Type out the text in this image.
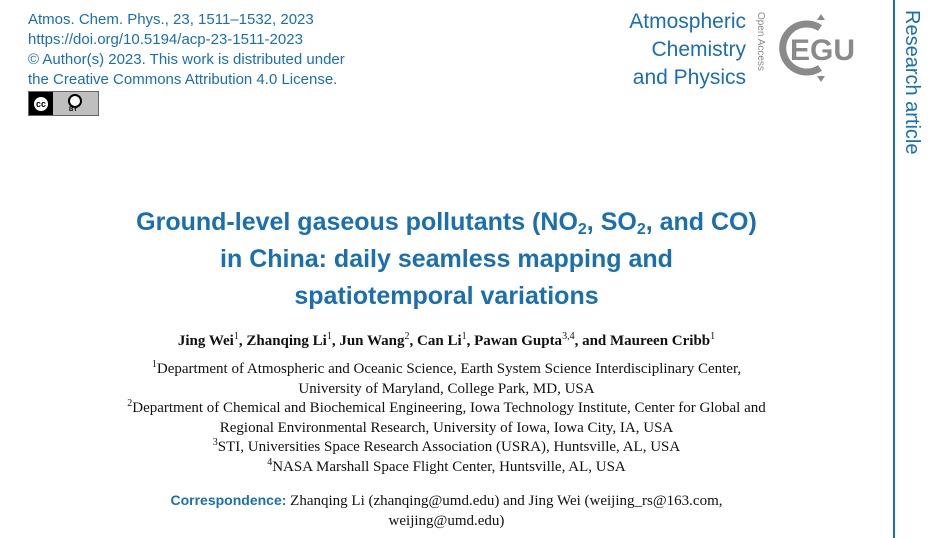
Atmos. Chem. Phys., 23, 1511–1532, 2023
https://doi.org/10.5194/acp-23-1511-2023
© Author(s) 2023. This work is distributed under
the Creative Commons Attribution 4.0 License.
cc
BY
Atmospheric
Chemistry
and Physics
Open Access EGU Research article
Ground-level gaseous pollutants ($NO_2$, $SO_2$, and CO)
in China: daily seamless mapping and
spatiotemporal variations
Jing Wei$^1$, Zhanqing Li$^1$, Jun Wang$^2$, Can Li$^1$, Pawan Gupta$^{3,4}$, and Maureen Cribb$^1$
$^1$Department of Atmospheric and Oceanic Science, Earth System Science Interdisciplinary Center,
University of Maryland, College Park, MD, USA
$^2$Department of Chemical and Biochemical Engineering, Iowa Technology Institute, Center for Global and
Regional Environmental Research, University of Iowa, Iowa City, IA, USA
$^3$STI, Universities Space Research Association (USRA), Huntsville, AL, USA
$^4$NASA Marshall Space Flight Center, Huntsville, AL, USA
Correspondence: Zhanqing Li (zhanqing@umd.edu) and Jing Wei (weijing_rs@163.com,
weijing@umd.edu)
